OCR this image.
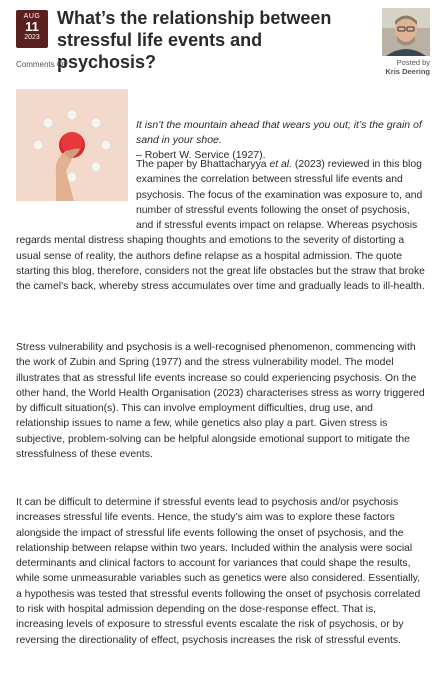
AUG
11
2023
What’s the relationship between stressful life events and psychosis?	Posted by
Kris Deering
Comments Off

It isn’t the mountain ahead that wears you out; it’s the grain of sand in your shoe.

– Robert W. Service (1927).

The paper by Bhattacharyya et al. (2023) reviewed in this blog examines the correlation between stressful life events and psychosis. The focus of the examination was exposure to, and number of stressful events following the onset of psychosis, and if stressful events impact on relapse. Whereas psychosis regards mental distress shaping thoughts and emotions to the severity of distorting a usual sense of reality, the authors define relapse as a hospital admission. The quote starting this blog, therefore, considers not the great life obstacles but the straw that broke the camel’s back, whereby stress accumulates over time and gradually leads to ill-health.

Stress vulnerability and psychosis is a well-recognised phenomenon, commencing with the work of Zubin and Spring (1977) and the stress vulnerability model. The model illustrates that as stressful life events increase so could experiencing psychosis. On the other hand, the World Health Organisation (2023) characterises stress as worry triggered by difficult situation(s). This can involve employment difficulties, drug use, and relationship issues to name a few, while genetics also play a part. Given stress is subjective, problem-solving can be helpful alongside emotional support to mitigate the stressfulness of these events.

It can be difficult to determine if stressful events lead to psychosis and/or psychosis increases stressful life events. Hence, the study’s aim was to explore these factors alongside the impact of stressful life events following the onset of psychosis, and the relationship between relapse within two years. Included within the analysis were social determinants and clinical factors to account for variances that could shape the results, while some unmeasurable variables such as genetics were also considered. Essentially, a hypothesis was tested that stressful events following the onset of psychosis correlated to risk with hospital admission depending on the dose-response effect. That is, increasing levels of exposure to stressful events escalate the risk of psychosis, or by reversing the directionality of effect, psychosis increases the risk of stressful events.
